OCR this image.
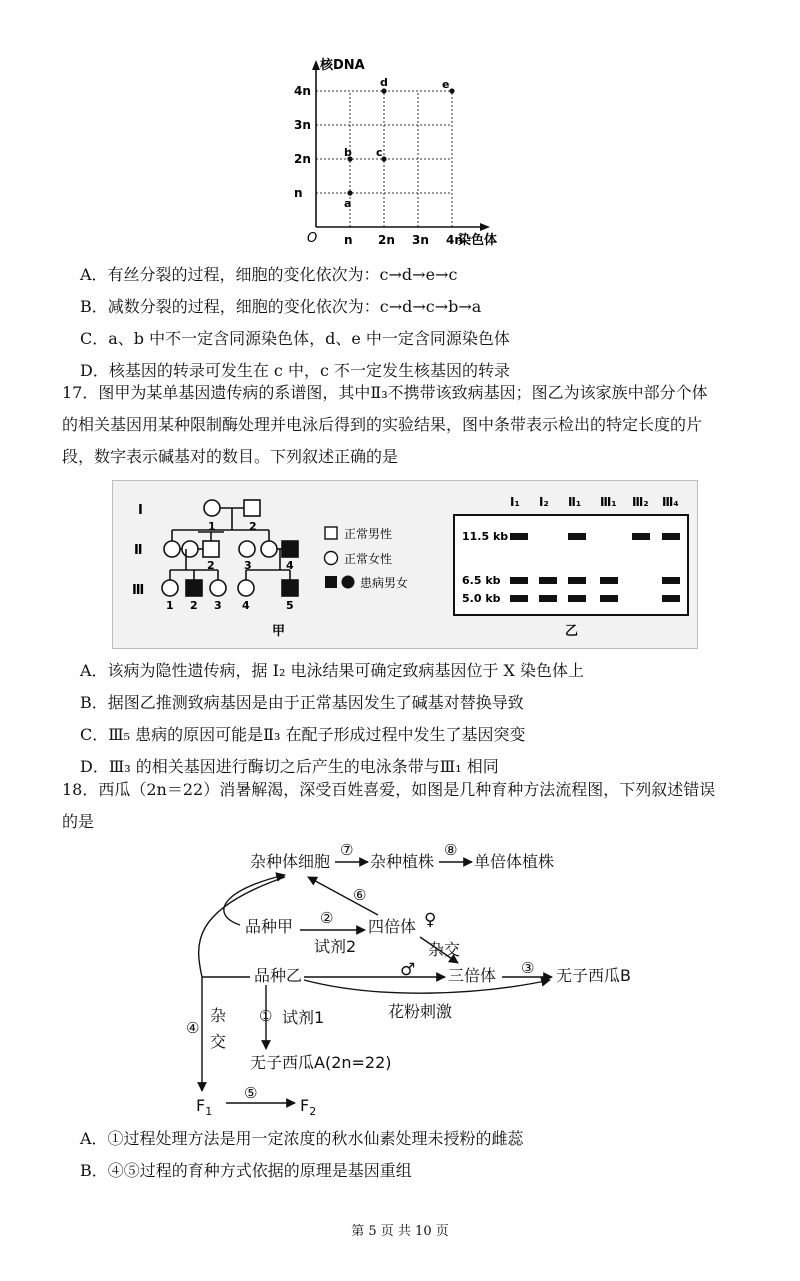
n 2n 3n 4n
n
2n
3n
4n
a
b c
d	e
核DNA
染色体
O
A．有丝分裂的过程，细胞的变化依次为：c→d→e→c
B．减数分裂的过程，细胞的变化依次为：c→d→c→b→a
C．a、b 中不一定含同源染色体，d、e 中一定含同源染色体
D．核基因的转录可发生在 c 中，c 不一定发生核基因的转录
17．图甲为某单基因遗传病的系谱图，其中Ⅱ₃不携带该致病基因；图乙为该家族中部分个体
的相关基因用某种限制酶处理并电泳后得到的实验结果，图中条带表示检出的特定长度的片
段，数字表示碱基对的数目。下列叙述正确的是
Ⅰ
Ⅱ
Ⅲ
1	2
2	3	4
1 2 3 4	5
正常男性
正常女性
患病男女
甲
Ⅰ₁ Ⅰ₂ Ⅱ₁ Ⅲ₁ Ⅲ₂ Ⅲ₄
11.5 kb
6.5 kb
5.0 kb
乙
A．该病为隐性遗传病，据 I₂ 电泳结果可确定致病基因位于 X 染色体上
B．据图乙推测致病基因是由于正常基因发生了碱基对替换导致
C．Ⅲ₅ 患病的原因可能是Ⅱ₃ 在配子形成过程中发生了基因突变
D．Ⅲ₃ 的相关基因进行酶切之后产生的电泳条带与Ⅲ₁ 相同
18．西瓜（2n＝22）消暑解渴，深受百姓喜爱，如图是几种育种方法流程图，下列叙述错误
的是
杂种体细胞
⑦
杂种植株
⑧
单倍体植株
⑥
品种甲 ②
试剂2
四倍体 ♀
杂交
品种乙	♂ 三倍体 ③ 无子西瓜B
花粉刺激
④
杂
交
① 试剂1
无子西瓜A(2n=22)
$F_1$
⑤
$F_2$
A．①过程处理方法是用一定浓度的秋水仙素处理未授粉的雌蕊
B．④⑤过程的育种方式依据的原理是基因重组
第 5 页 共 10 页
